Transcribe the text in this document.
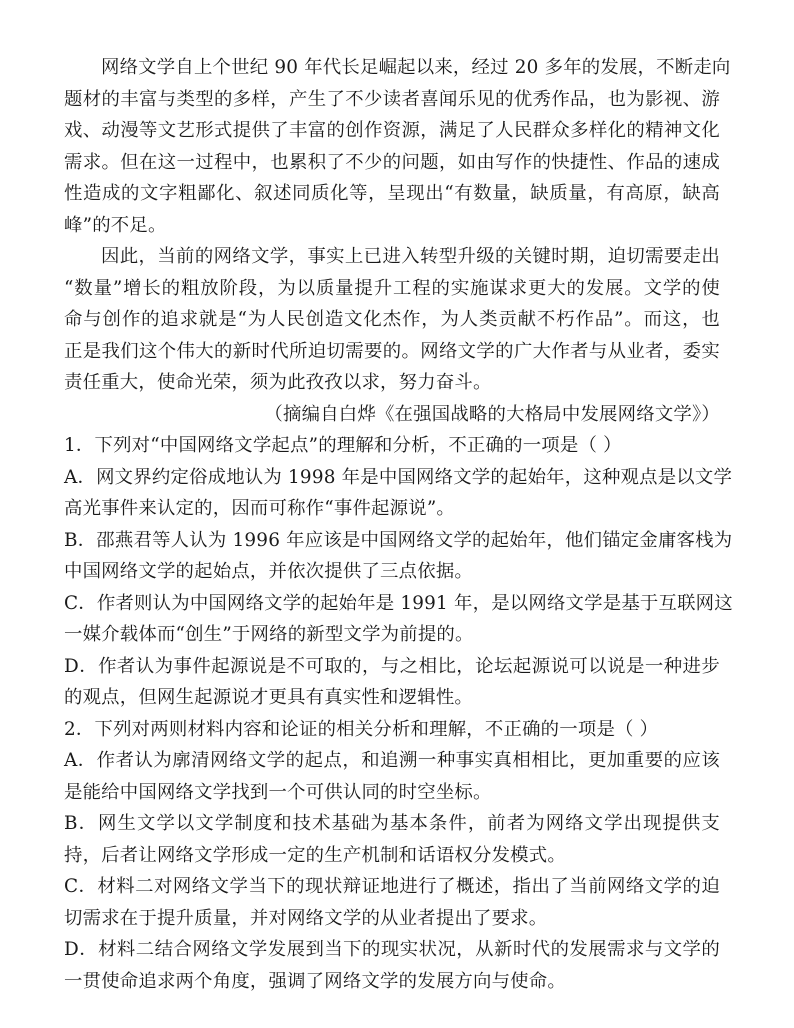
网络文学自上个世纪 90 年代长足崛起以来，经过 20 多年的发展，不断走向
题材的丰富与类型的多样，产生了不少读者喜闻乐见的优秀作品，也为影视、游
戏、动漫等文艺形式提供了丰富的创作资源，满足了人民群众多样化的精神文化
需求。但在这一过程中，也累积了不少的问题，如由写作的快捷性、作品的速成
性造成的文字粗鄙化、叙述同质化等，呈现出“有数量，缺质量，有高原，缺高
峰”的不足。
因此，当前的网络文学，事实上已进入转型升级的关键时期，迫切需要走出
“数量”增长的粗放阶段，为以质量提升工程的实施谋求更大的发展。文学的使
命与创作的追求就是“为人民创造文化杰作，为人类贡献不朽作品”。而这，也
正是我们这个伟大的新时代所迫切需要的。网络文学的广大作者与从业者，委实
责任重大，使命光荣，须为此孜孜以求，努力奋斗。
（摘编自白烨《在强国战略的大格局中发展网络文学》）
1．下列对“中国网络文学起点”的理解和分析，不正确的一项是（ ）
A．网文界约定俗成地认为 1998 年是中国网络文学的起始年，这种观点是以文学
高光事件来认定的，因而可称作“事件起源说”。
B．邵燕君等人认为 1996 年应该是中国网络文学的起始年，他们锚定金庸客栈为
中国网络文学的起始点，并依次提供了三点依据。
C．作者则认为中国网络文学的起始年是 1991 年，是以网络文学是基于互联网这
一媒介载体而“创生”于网络的新型文学为前提的。
D．作者认为事件起源说是不可取的，与之相比，论坛起源说可以说是一种进步
的观点，但网生起源说才更具有真实性和逻辑性。
2．下列对两则材料内容和论证的相关分析和理解，不正确的一项是（ ）
A．作者认为廓清网络文学的起点，和追溯一种事实真相相比，更加重要的应该
是能给中国网络文学找到一个可供认同的时空坐标。
B．网生文学以文学制度和技术基础为基本条件，前者为网络文学出现提供支
持，后者让网络文学形成一定的生产机制和话语权分发模式。
C．材料二对网络文学当下的现状辩证地进行了概述，指出了当前网络文学的迫
切需求在于提升质量，并对网络文学的从业者提出了要求。
D．材料二结合网络文学发展到当下的现实状况，从新时代的发展需求与文学的
一贯使命追求两个角度，强调了网络文学的发展方向与使命。
